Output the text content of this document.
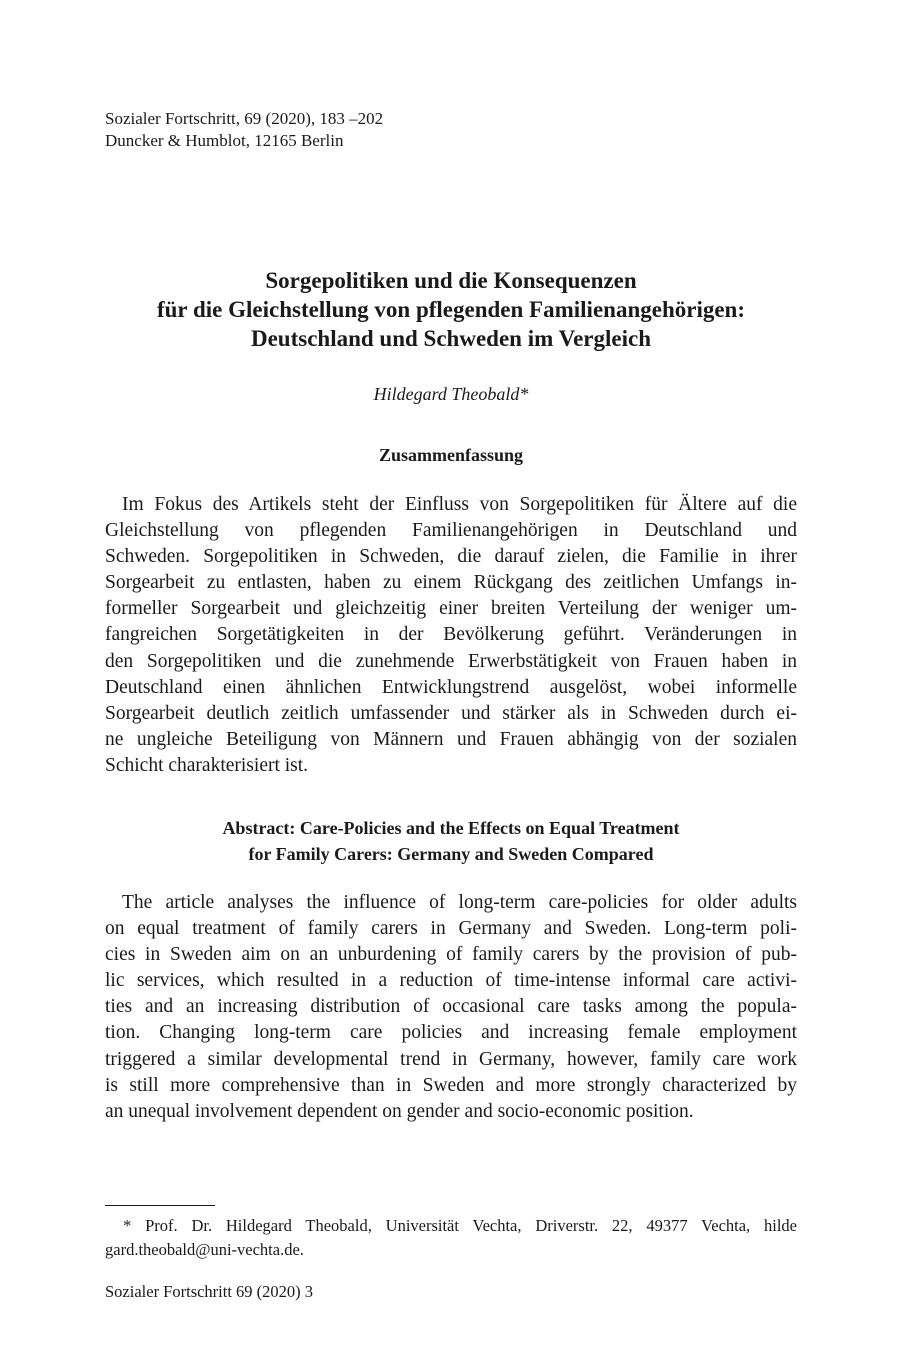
Sozialer Fortschritt, 69 (2020), 183 –202
Duncker & Humblot, 12165 Berlin
Sorgepolitiken und die Konsequenzen
für die Gleichstellung von pflegenden Familienangehörigen:
Deutschland und Schweden im Vergleich
Hildegard Theobald*
Zusammenfassung
Im Fokus des Artikels steht der Einfluss von Sorgepolitiken für Ältere auf die
Gleichstellung von pflegenden Familienangehörigen in Deutschland und
Schweden. Sorgepolitiken in Schweden, die darauf zielen, die Familie in ihrer
Sorgearbeit zu entlasten, haben zu einem Rückgang des zeitlichen Umfangs in-
formeller Sorgearbeit und gleichzeitig einer breiten Verteilung der weniger um-
fangreichen Sorgetätigkeiten in der Bevölkerung geführt. Veränderungen in
den Sorgepolitiken und die zunehmende Erwerbstätigkeit von Frauen haben in
Deutschland einen ähnlichen Entwicklungstrend ausgelöst, wobei informelle
Sorgearbeit deutlich zeitlich umfassender und stärker als in Schweden durch ei-
ne ungleiche Beteiligung von Männern und Frauen abhängig von der sozialen
Schicht charakterisiert ist.
Abstract: Care-Policies and the Effects on Equal Treatment
for Family Carers: Germany and Sweden Compared
The article analyses the influence of long-term care-policies for older adults
on equal treatment of family carers in Germany and Sweden. Long-term poli-
cies in Sweden aim on an unburdening of family carers by the provision of pub-
lic services, which resulted in a reduction of time-intense informal care activi-
ties and an increasing distribution of occasional care tasks among the popula-
tion. Changing long-term care policies and increasing female employment
triggered a similar developmental trend in Germany, however, family care work
is still more comprehensive than in Sweden and more strongly characterized by
an unequal involvement dependent on gender and socio-economic position.
* Prof. Dr. Hildegard Theobald, Universität Vechta, Driverstr. 22, 49377 Vechta, hilde
gard.theobald@uni-vechta.de.
Sozialer Fortschritt 69 (2020) 3
